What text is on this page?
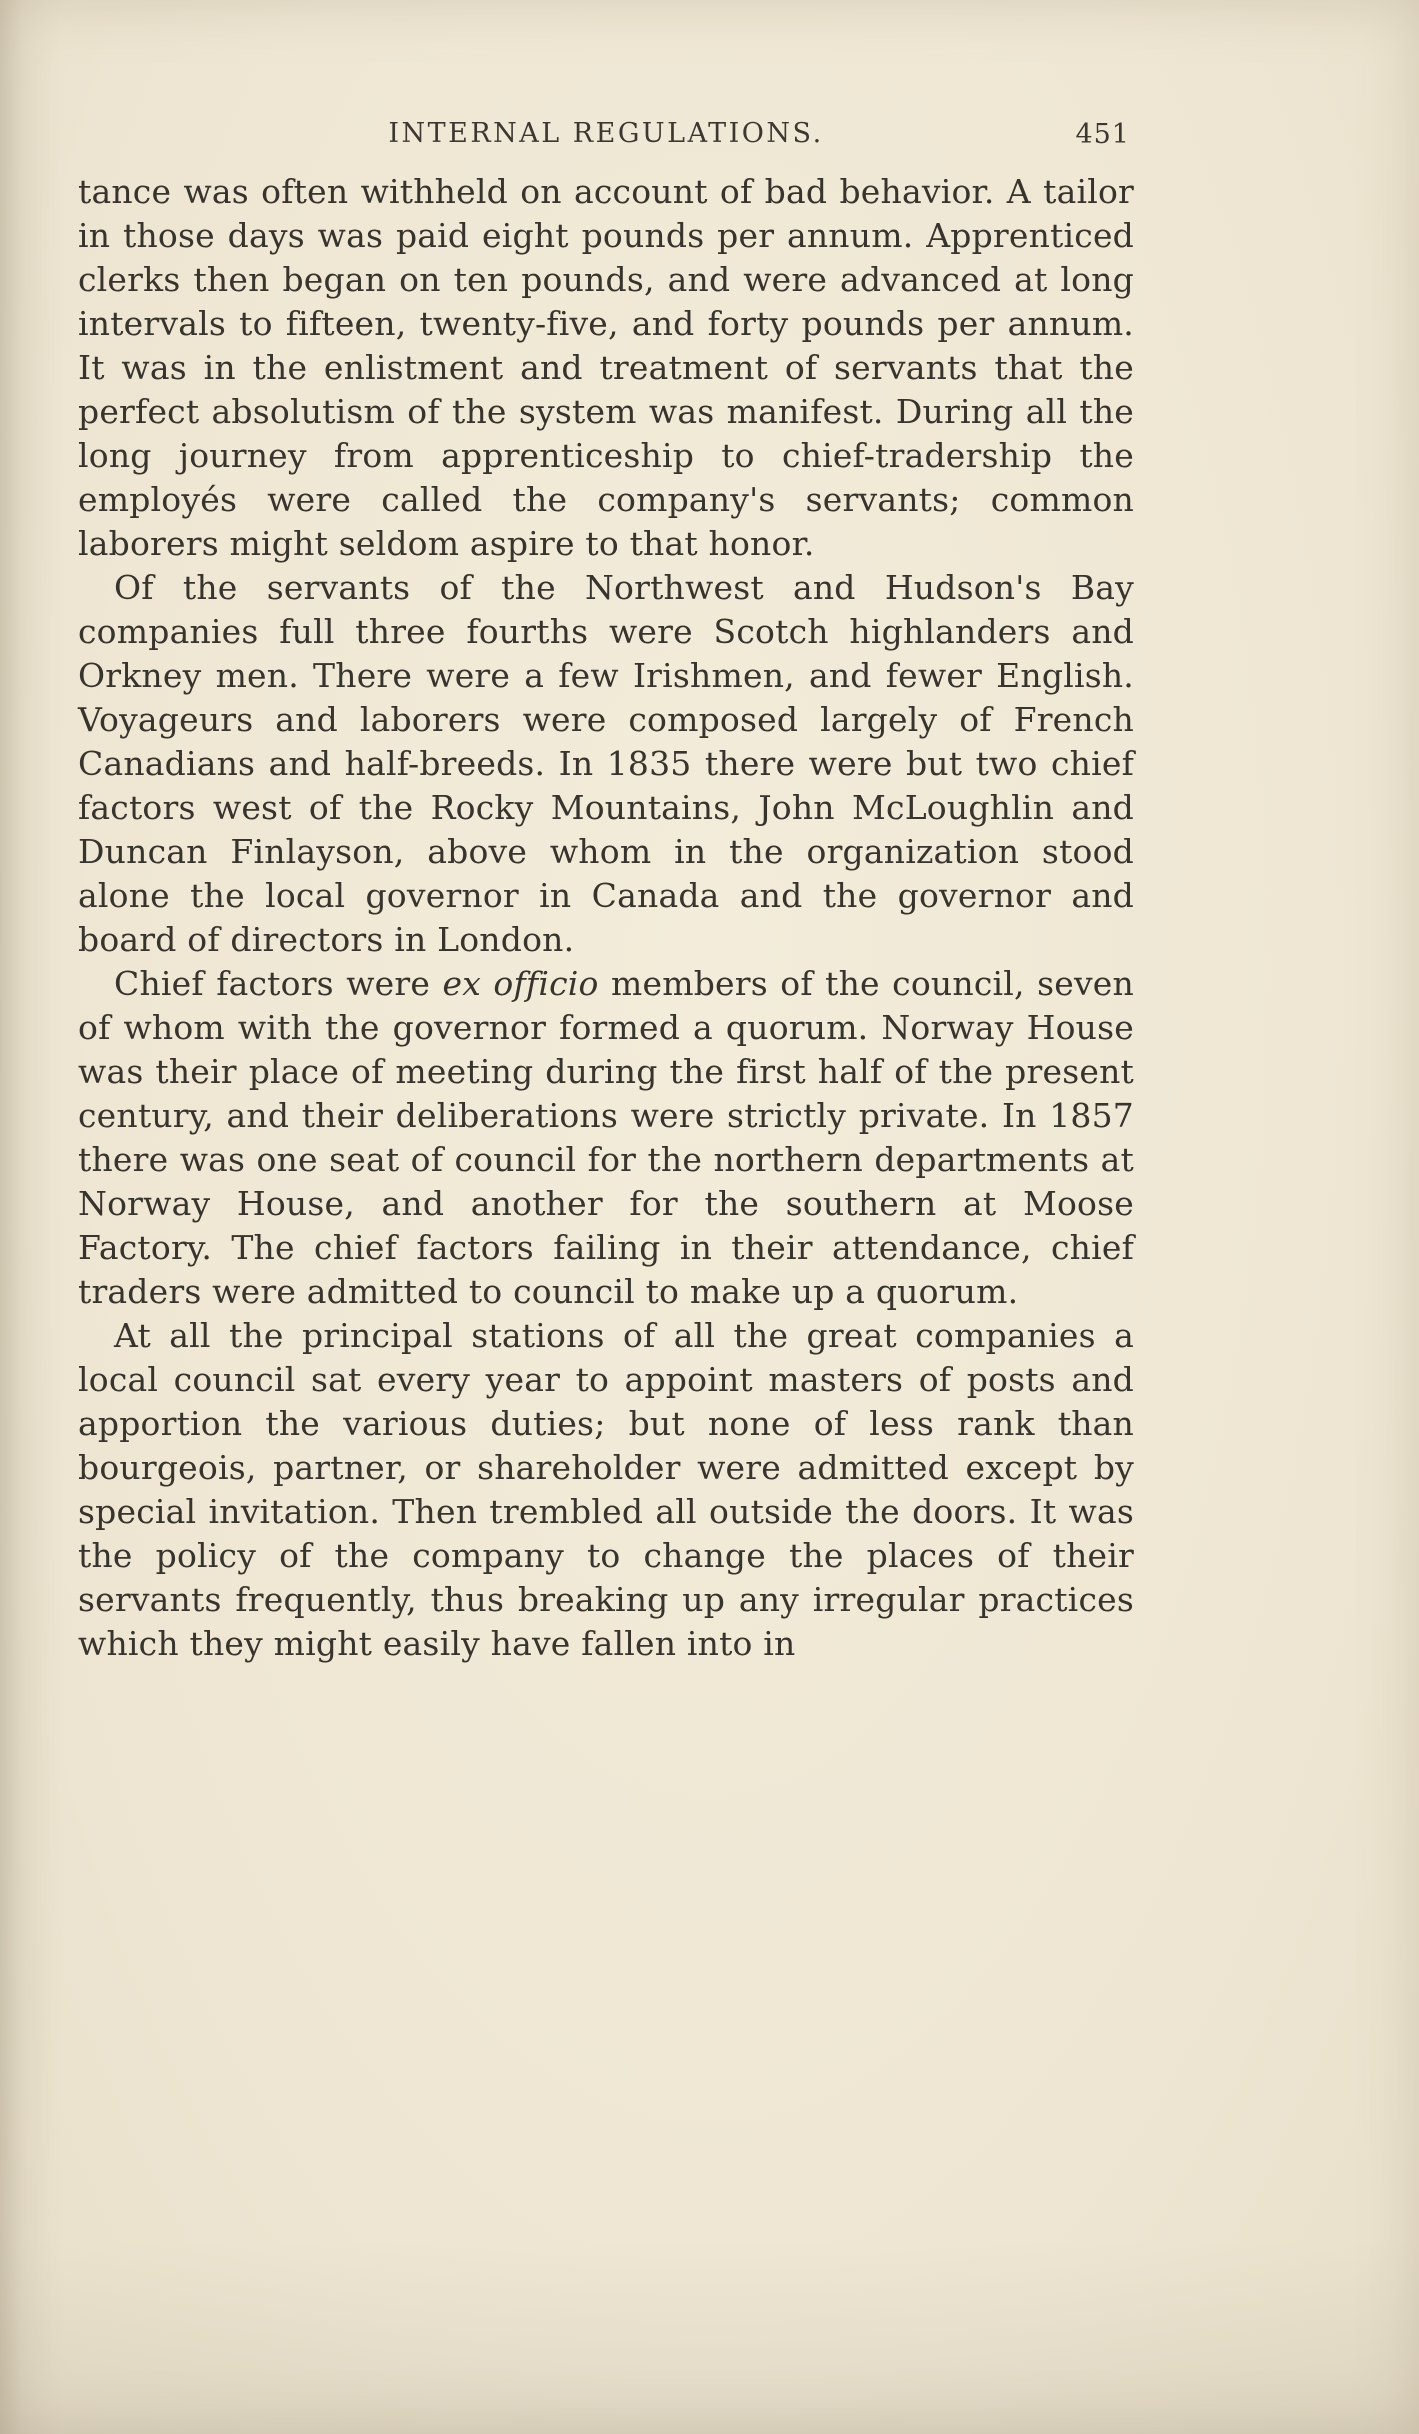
INTERNAL REGULATIONS.	451

tance was often withheld on account of bad behavior. A tailor in those days was paid eight pounds per annum. Apprenticed clerks then began on ten pounds, and were advanced at long intervals to fifteen, twenty-five, and forty pounds per annum. It was in the enlistment and treatment of servants that the perfect absolutism of the system was manifest. During all the long journey from apprenticeship to chief-tradership the employés were called the company's servants; common laborers might seldom aspire to that honor.

Of the servants of the Northwest and Hudson's Bay companies full three fourths were Scotch highlanders and Orkney men. There were a few Irishmen, and fewer English. Voyageurs and laborers were composed largely of French Canadians and half-breeds. In 1835 there were but two chief factors west of the Rocky Mountains, John McLoughlin and Duncan Finlayson, above whom in the organization stood alone the local governor in Canada and the governor and board of directors in London.

Chief factors were ex officio members of the council, seven of whom with the governor formed a quorum. Norway House was their place of meeting during the first half of the present century, and their deliberations were strictly private. In 1857 there was one seat of council for the northern departments at Norway House, and another for the southern at Moose Factory. The chief factors failing in their attendance, chief traders were admitted to council to make up a quorum.

At all the principal stations of all the great companies a local council sat every year to appoint masters of posts and apportion the various duties; but none of less rank than bourgeois, partner, or shareholder were admitted except by special invitation. Then trembled all outside the doors. It was the policy of the company to change the places of their servants frequently, thus breaking up any irregular practices which they might easily have fallen into in
